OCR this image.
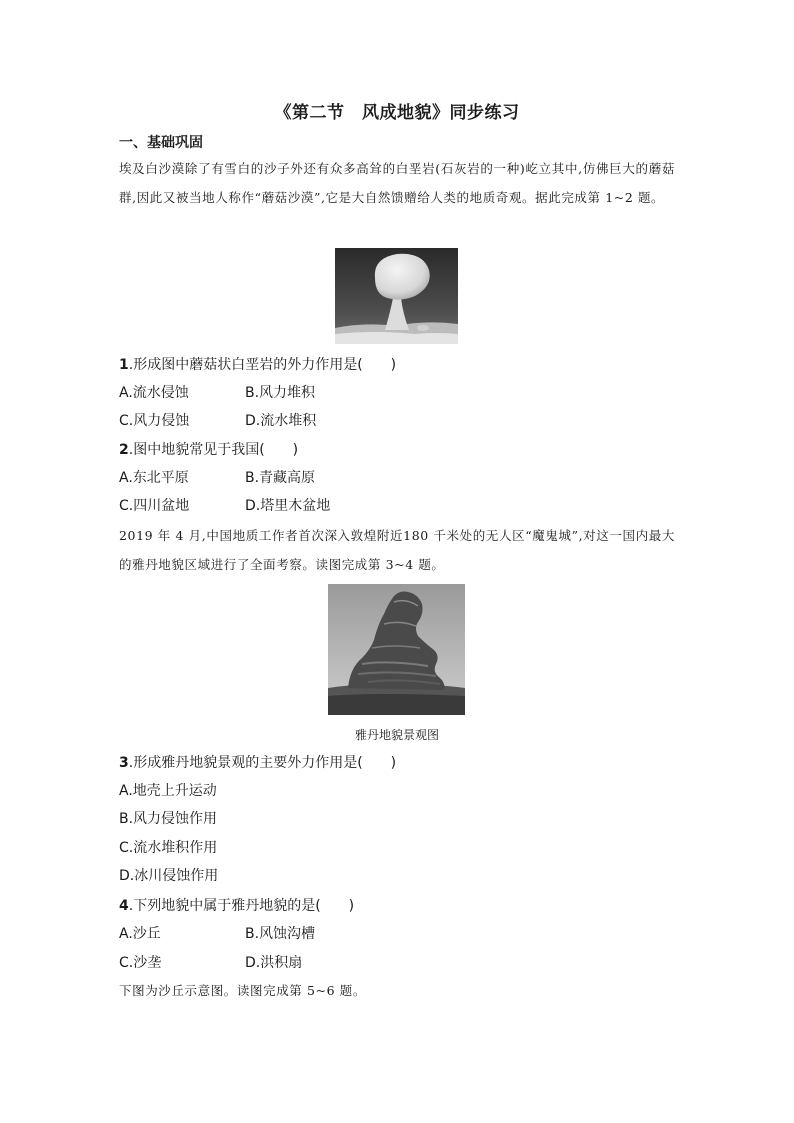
《第二节　风成地貌》同步练习
一、基础巩固
埃及白沙漠除了有雪白的沙子外还有众多高耸的白垩岩(石灰岩的一种)屹立其中,仿佛巨大的蘑菇群,因此又被当地人称作“蘑菇沙漠”,它是大自然馈赠给人类的地质奇观。据此完成第 1~2 题。
1.形成图中蘑菇状白垩岩的外力作用是(　　)
A.流水侵蚀	B.风力堆积
C.风力侵蚀	D.流水堆积
2.图中地貌常见于我国(　　)
A.东北平原	B.青藏高原
C.四川盆地	D.塔里木盆地
2019 年 4 月,中国地质工作者首次深入敦煌附近180 千米处的无人区“魔鬼城”,对这一国内最大的雅丹地貌区域进行了全面考察。读图完成第 3~4 题。
雅丹地貌景观图
3.形成雅丹地貌景观的主要外力作用是(　　)
A.地壳上升运动
B.风力侵蚀作用
C.流水堆积作用
D.冰川侵蚀作用
4.下列地貌中属于雅丹地貌的是(　　)
A.沙丘	B.风蚀沟槽
C.沙垄	D.洪积扇
下图为沙丘示意图。读图完成第 5~6 题。
